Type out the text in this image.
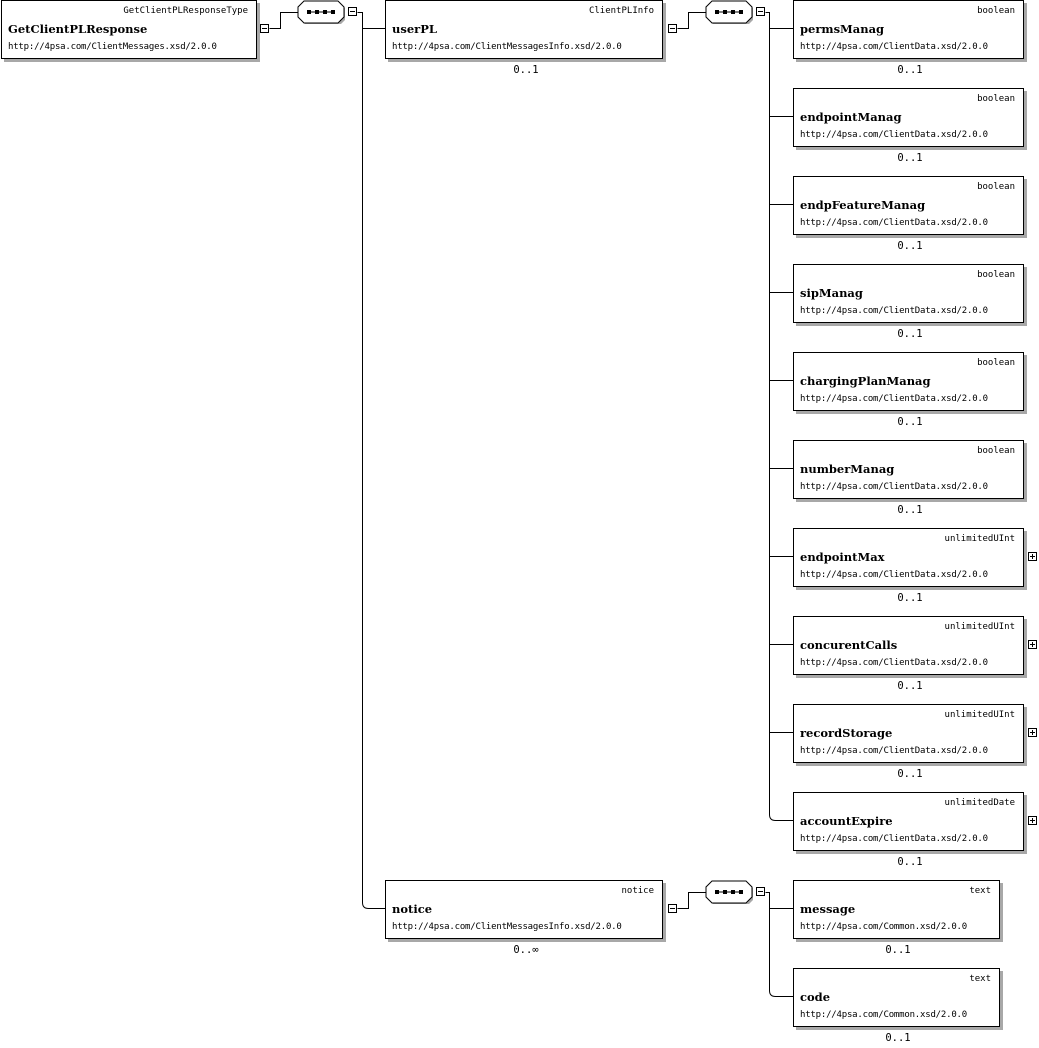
GetClientPLResponseType
GetClientPLResponse
http://4psa.com/ClientMessages.xsd/2.0.0
ClientPLInfo
userPL
http://4psa.com/ClientMessagesInfo.xsd/2.0.0
0..1
boolean
permsManag
http://4psa.com/ClientData.xsd/2.0.0
0..1
boolean
endpointManag
http://4psa.com/ClientData.xsd/2.0.0
0..1
boolean
endpFeatureManag
http://4psa.com/ClientData.xsd/2.0.0
0..1
boolean
sipManag
http://4psa.com/ClientData.xsd/2.0.0
0..1
boolean
chargingPlanManag
http://4psa.com/ClientData.xsd/2.0.0
0..1
boolean
numberManag
http://4psa.com/ClientData.xsd/2.0.0
0..1
unlimitedUInt
endpointMax
http://4psa.com/ClientData.xsd/2.0.0
0..1
unlimitedUInt
concurentCalls
http://4psa.com/ClientData.xsd/2.0.0
0..1
unlimitedUInt
recordStorage
http://4psa.com/ClientData.xsd/2.0.0
0..1
unlimitedDate
accountExpire
http://4psa.com/ClientData.xsd/2.0.0
0..1
notice
notice
http://4psa.com/ClientMessagesInfo.xsd/2.0.0
0..∞
text
message
http://4psa.com/Common.xsd/2.0.0
0..1
text
code
http://4psa.com/Common.xsd/2.0.0
0..1
